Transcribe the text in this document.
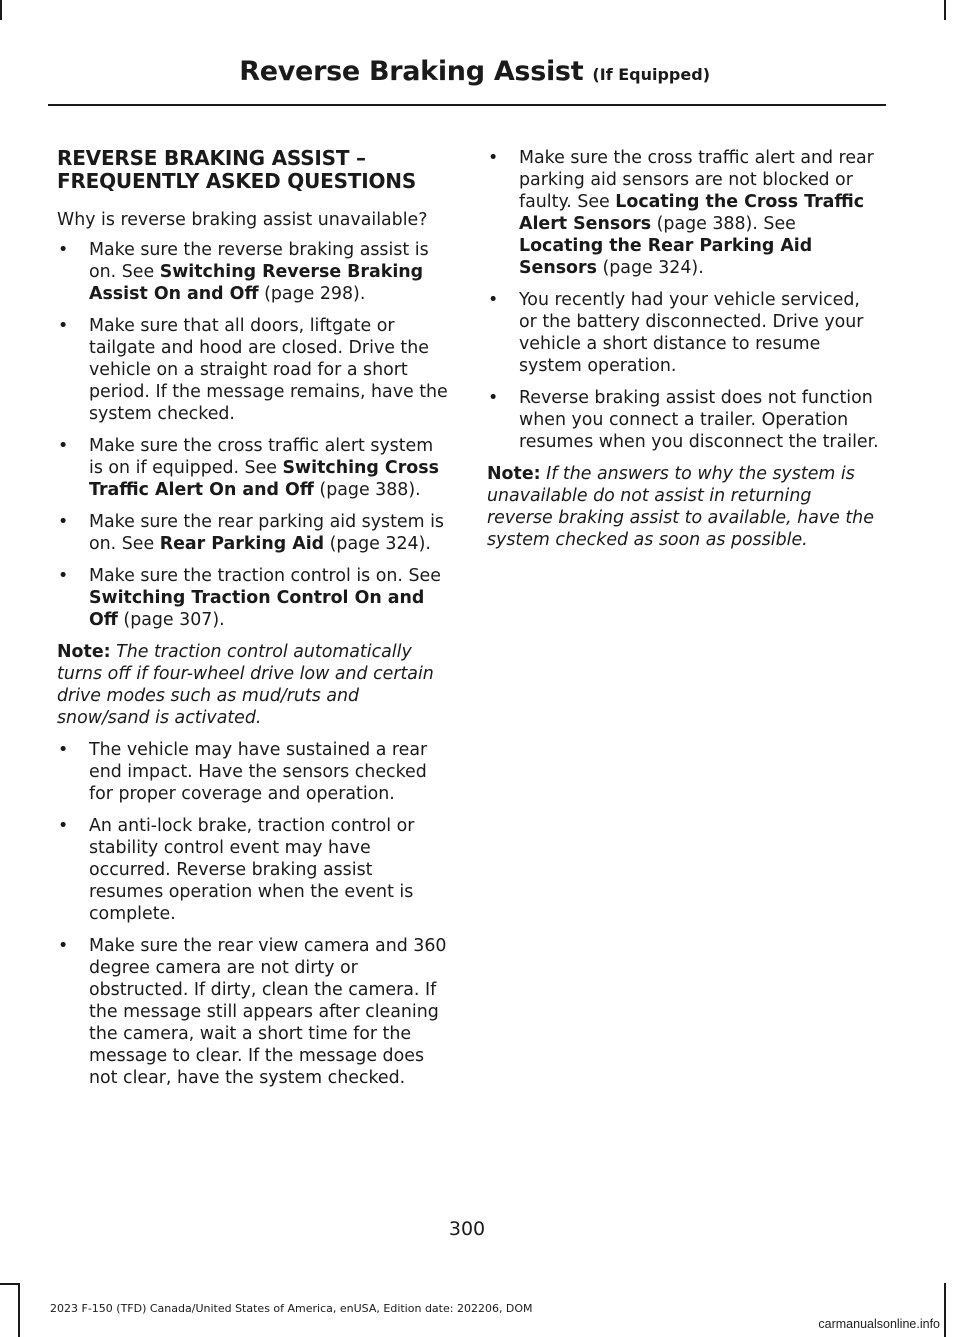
Reverse Braking Assist (If Equipped)
REVERSE BRAKING ASSIST – FREQUENTLY ASKED QUESTIONS

Why is reverse braking assist unavailable?

• Make sure the reverse braking assist is on. See Switching Reverse Braking Assist On and Off (page 298).
• Make sure that all doors, liftgate or tailgate and hood are closed. Drive the vehicle on a straight road for a short period. If the message remains, have the system checked.
• Make sure the cross traffic alert system is on if equipped. See Switching Cross Traffic Alert On and Off (page 388).
• Make sure the rear parking aid system is on. See Rear Parking Aid (page 324).
• Make sure the traction control is on. See Switching Traction Control On and Off (page 307).
Note: The traction control automatically turns off if four-wheel drive low and certain drive modes such as mud/ruts and snow/sand is activated.
• The vehicle may have sustained a rear end impact. Have the sensors checked for proper coverage and operation.
• An anti-lock brake, traction control or stability control event may have occurred. Reverse braking assist resumes operation when the event is complete.
• Make sure the rear view camera and 360 degree camera are not dirty or obstructed. If dirty, clean the camera. If the message still appears after cleaning the camera, wait a short time for the message to clear. If the message does not clear, have the system checked.
• Make sure the cross traffic alert and rear parking aid sensors are not blocked or faulty. See Locating the Cross Traffic Alert Sensors (page 388). See Locating the Rear Parking Aid Sensors (page 324).
• You recently had your vehicle serviced, or the battery disconnected. Drive your vehicle a short distance to resume system operation.
• Reverse braking assist does not function when you connect a trailer. Operation resumes when you disconnect the trailer.
Note: If the answers to why the system is unavailable do not assist in returning reverse braking assist to available, have the system checked as soon as possible.
300
2023 F-150 (TFD) Canada/United States of America, enUSA, Edition date: 202206, DOM
carmanualsonline.info
